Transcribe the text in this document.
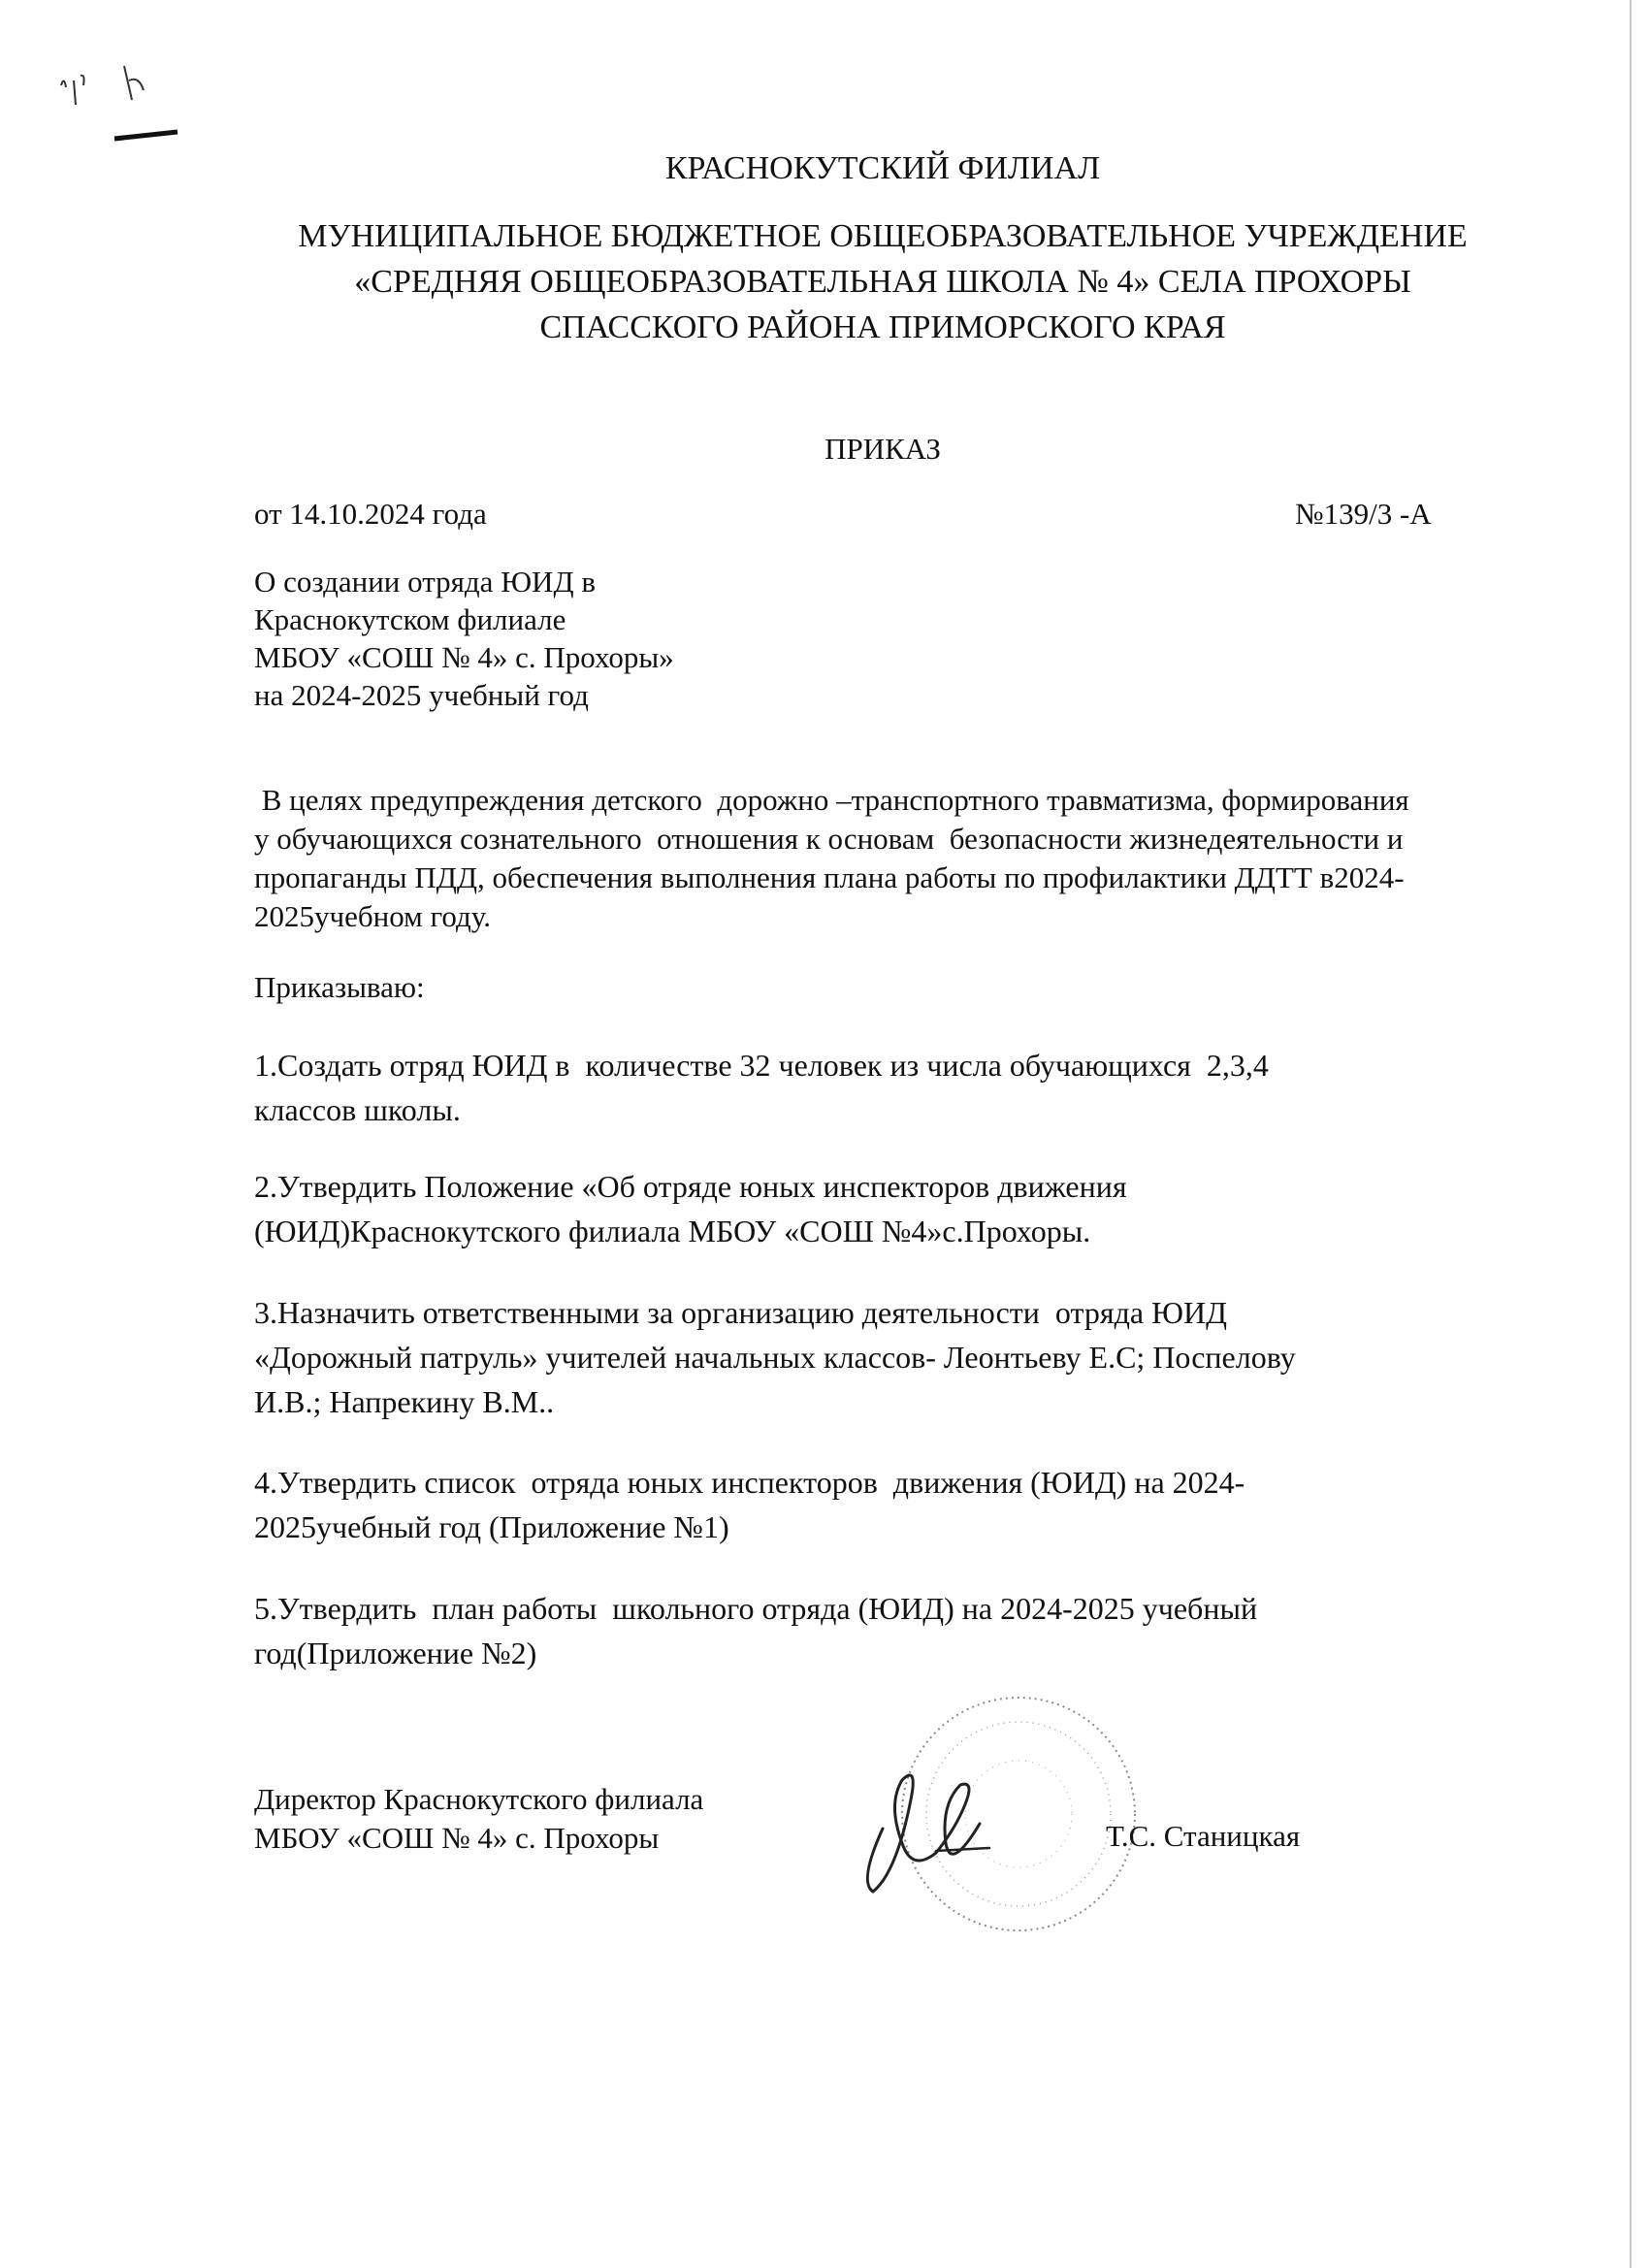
КРАСНОКУТСКИЙ ФИЛИАЛ
МУНИЦИПАЛЬНОЕ БЮДЖЕТНОЕ ОБЩЕОБРАЗОВАТЕЛЬНОЕ УЧРЕЖДЕНИЕ
«СРЕДНЯЯ ОБЩЕОБРАЗОВАТЕЛЬНАЯ ШКОЛА № 4» СЕЛА ПРОХОРЫ
СПАССКОГО РАЙОНА ПРИМОРСКОГО КРАЯ
ПРИКАЗ
от 14.10.2024 года	№139/3 -А
О создании отряда ЮИД в
Краснокутском филиале
МБОУ «СОШ № 4» с. Прохоры»
на 2024-2025 учебный год
В целях предупреждения детского  дорожно –транспортного травматизма, формирования
у обучающихся сознательного  отношения к основам  безопасности жизнедеятельности и
пропаганды ПДД, обеспечения выполнения плана работы по профилактики ДДТТ в2024-
2025учебном году.
Приказываю:
1.Создать отряд ЮИД в  количестве 32 человек из числа обучающихся  2,3,4
классов школы.
2.Утвердить Положение «Об отряде юных инспекторов движения
(ЮИД)Краснокутского филиала МБОУ «СОШ №4»с.Прохоры.
3.Назначить ответственными за организацию деятельности  отряда ЮИД
«Дорожный патруль» учителей начальных классов- Леонтьеву Е.С; Поспелову
И.В.; Напрекину В.М..
4.Утвердить список  отряда юных инспекторов  движения (ЮИД) на 2024-
2025учебный год (Приложение №1)
5.Утвердить  план работы  школьного отряда (ЮИД) на 2024-2025 учебный
год(Приложение №2)
Директор Краснокутского филиала
МБОУ «СОШ № 4» с. Прохоры	Т.С. Станицкая
